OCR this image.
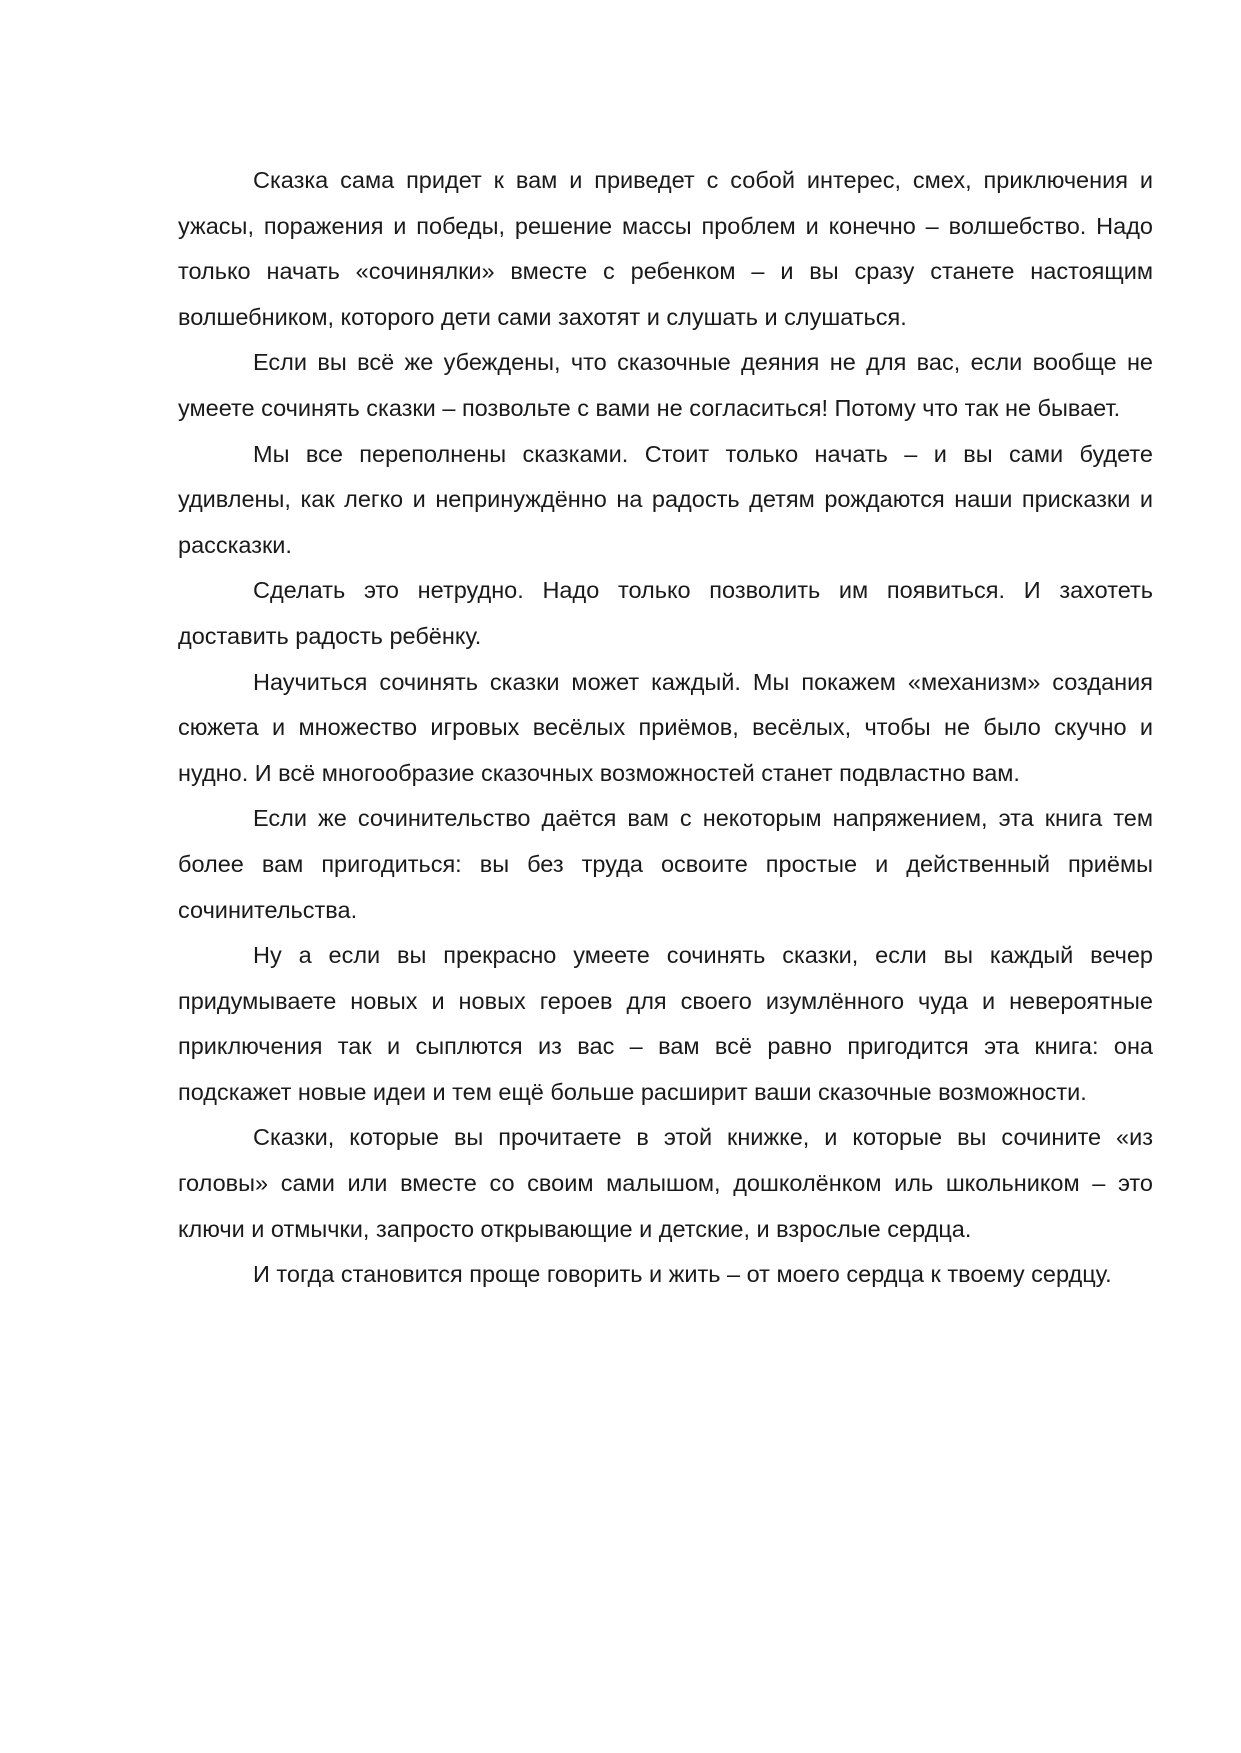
Сказка сама придет к вам и приведет с собой интерес, смех, приключения и ужасы, поражения и победы, решение массы проблем и конечно – волшебство. Надо только начать «сочинялки» вместе с ребенком – и вы сразу станете настоящим волшебником, которого дети сами захотят и слушать и слушаться.

Если вы всё же убеждены, что сказочные деяния не для вас, если вообще не умеете сочинять сказки – позвольте с вами не согласиться! Потому что так не бывает.

Мы все переполнены сказками. Стоит только начать – и вы сами будете удивлены, как легко и непринуждённо на радость детям рождаются наши присказки и рассказки.

Сделать это нетрудно. Надо только позволить им появиться. И захотеть доставить радость ребёнку.

Научиться сочинять сказки может каждый. Мы покажем «механизм» создания сюжета и множество игровых весёлых приёмов, весёлых, чтобы не было скучно и нудно. И всё многообразие сказочных возможностей станет подвластно вам.

Если же сочинительство даётся вам с некоторым напряжением, эта книга тем более вам пригодиться: вы без труда освоите простые и действенный приёмы сочинительства.

Ну а если вы прекрасно умеете сочинять сказки, если вы каждый вечер придумываете новых и новых героев для своего изумлённого чуда и невероятные приключения так и сыплются из вас – вам всё равно пригодится эта книга: она подскажет новые идеи и тем ещё больше расширит ваши сказочные возможности.

Сказки, которые вы прочитаете в этой книжке, и которые вы сочините «из головы» сами или вместе со своим малышом, дошколёнком иль школьником – это ключи и отмычки, запросто открывающие и детские, и взрослые сердца.

И тогда становится проще говорить и жить – от моего сердца к твоему сердцу.
